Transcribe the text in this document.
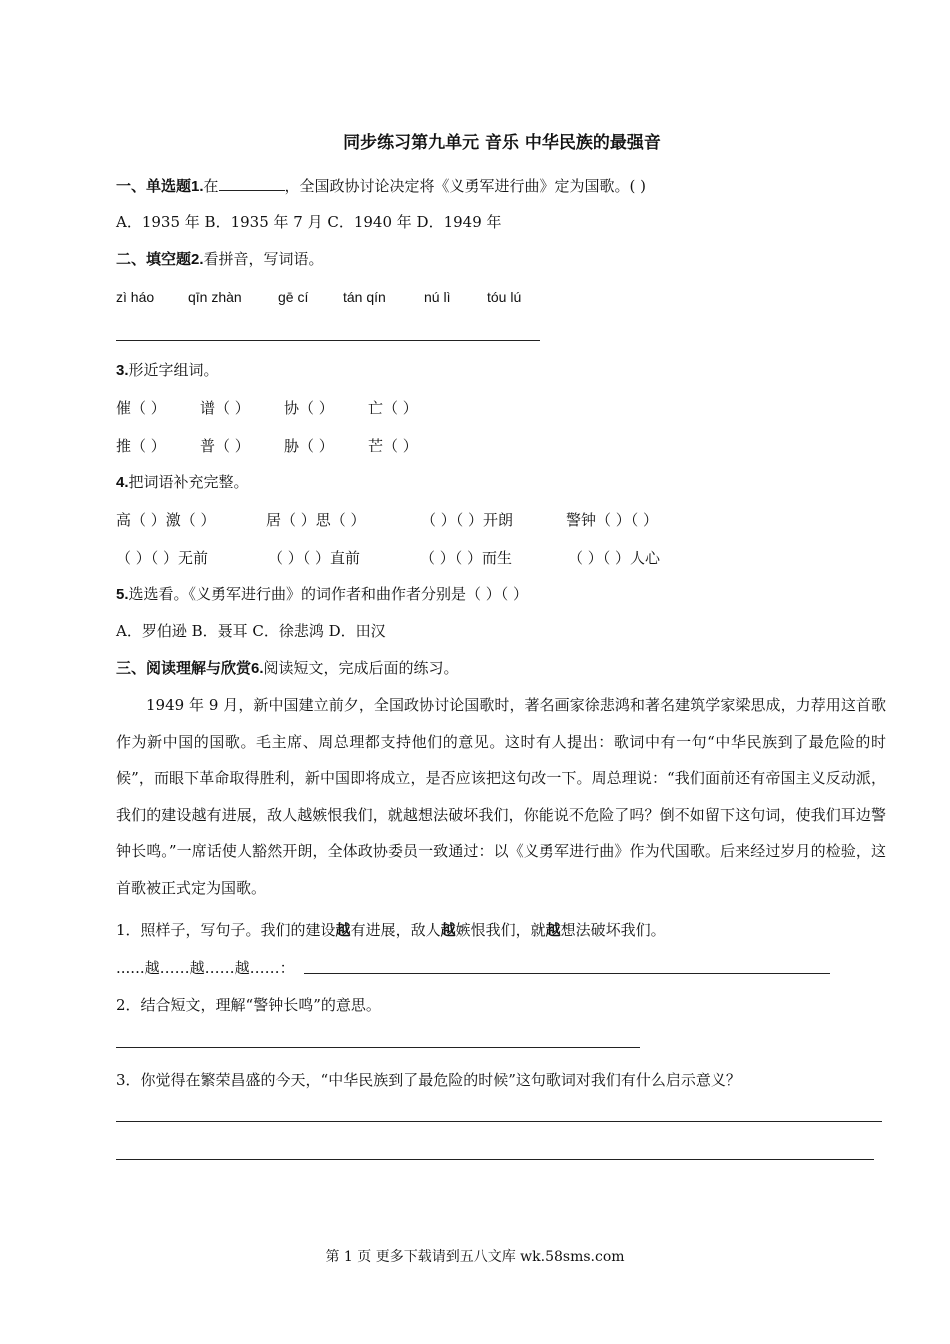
同步练习第九单元 音乐 中华民族的最强音
一、单选题1.在	，全国政协讨论决定将《义勇军进行曲》定为国歌。( )
A．1935 年 B．1935 年 7 月 C．1940 年 D．1949 年
二、填空题2.看拼音，写词语。
zì háo qīn zhàn	gē cí tán qín	nú lì	tóu lú
3.形近字组词。
催（ ） 谱（ ） 协（ ） 亡（ ）
推（ ） 普（ ） 胁（ ） 芒（ ）
4.把词语补充完整。
高（ ）激（ ）	居（ ）思（ ）	（ ）（ ）开朗	警钟（ ）（ ）
（ ）（ ）无前	（ ）（ ）直前	（ ）（ ）而生	（ ）（ ）人心
5.选选看。《义勇军进行曲》的词作者和曲作者分别是（ ）（ ）
A．罗伯逊 B．聂耳 C．徐悲鸿 D．田汉
三、阅读理解与欣赏6.阅读短文，完成后面的练习。
1949 年 9 月，新中国建立前夕，全国政协讨论国歌时，著名画家徐悲鸿和著名建筑学家梁思成，力荐用这首歌作为新中国的国歌。毛主席、周总理都支持他们的意见。这时有人提出：歌词中有一句“中华民族到了最危险的时候”，而眼下革命取得胜利，新中国即将成立，是否应该把这句改一下。周总理说：“我们面前还有帝国主义反动派，我们的建设越有进展，敌人越嫉恨我们，就越想法破坏我们，你能说不危险了吗？倒不如留下这句词，使我们耳边警钟长鸣。”一席话使人豁然开朗，全体政协委员一致通过：以《义勇军进行曲》作为代国歌。后来经过岁月的检验，这首歌被正式定为国歌。
1．照样子，写句子。我们的建设越有进展，敌人越嫉恨我们，就越想法破坏我们。
......越……越……越……：
2．结合短文，理解“警钟长鸣”的意思。
3．你觉得在繁荣昌盛的今天，“中华民族到了最危险的时候”这句歌词对我们有什么启示意义？
第 1 页 更多下载请到五八文库 wk.58sms.com
